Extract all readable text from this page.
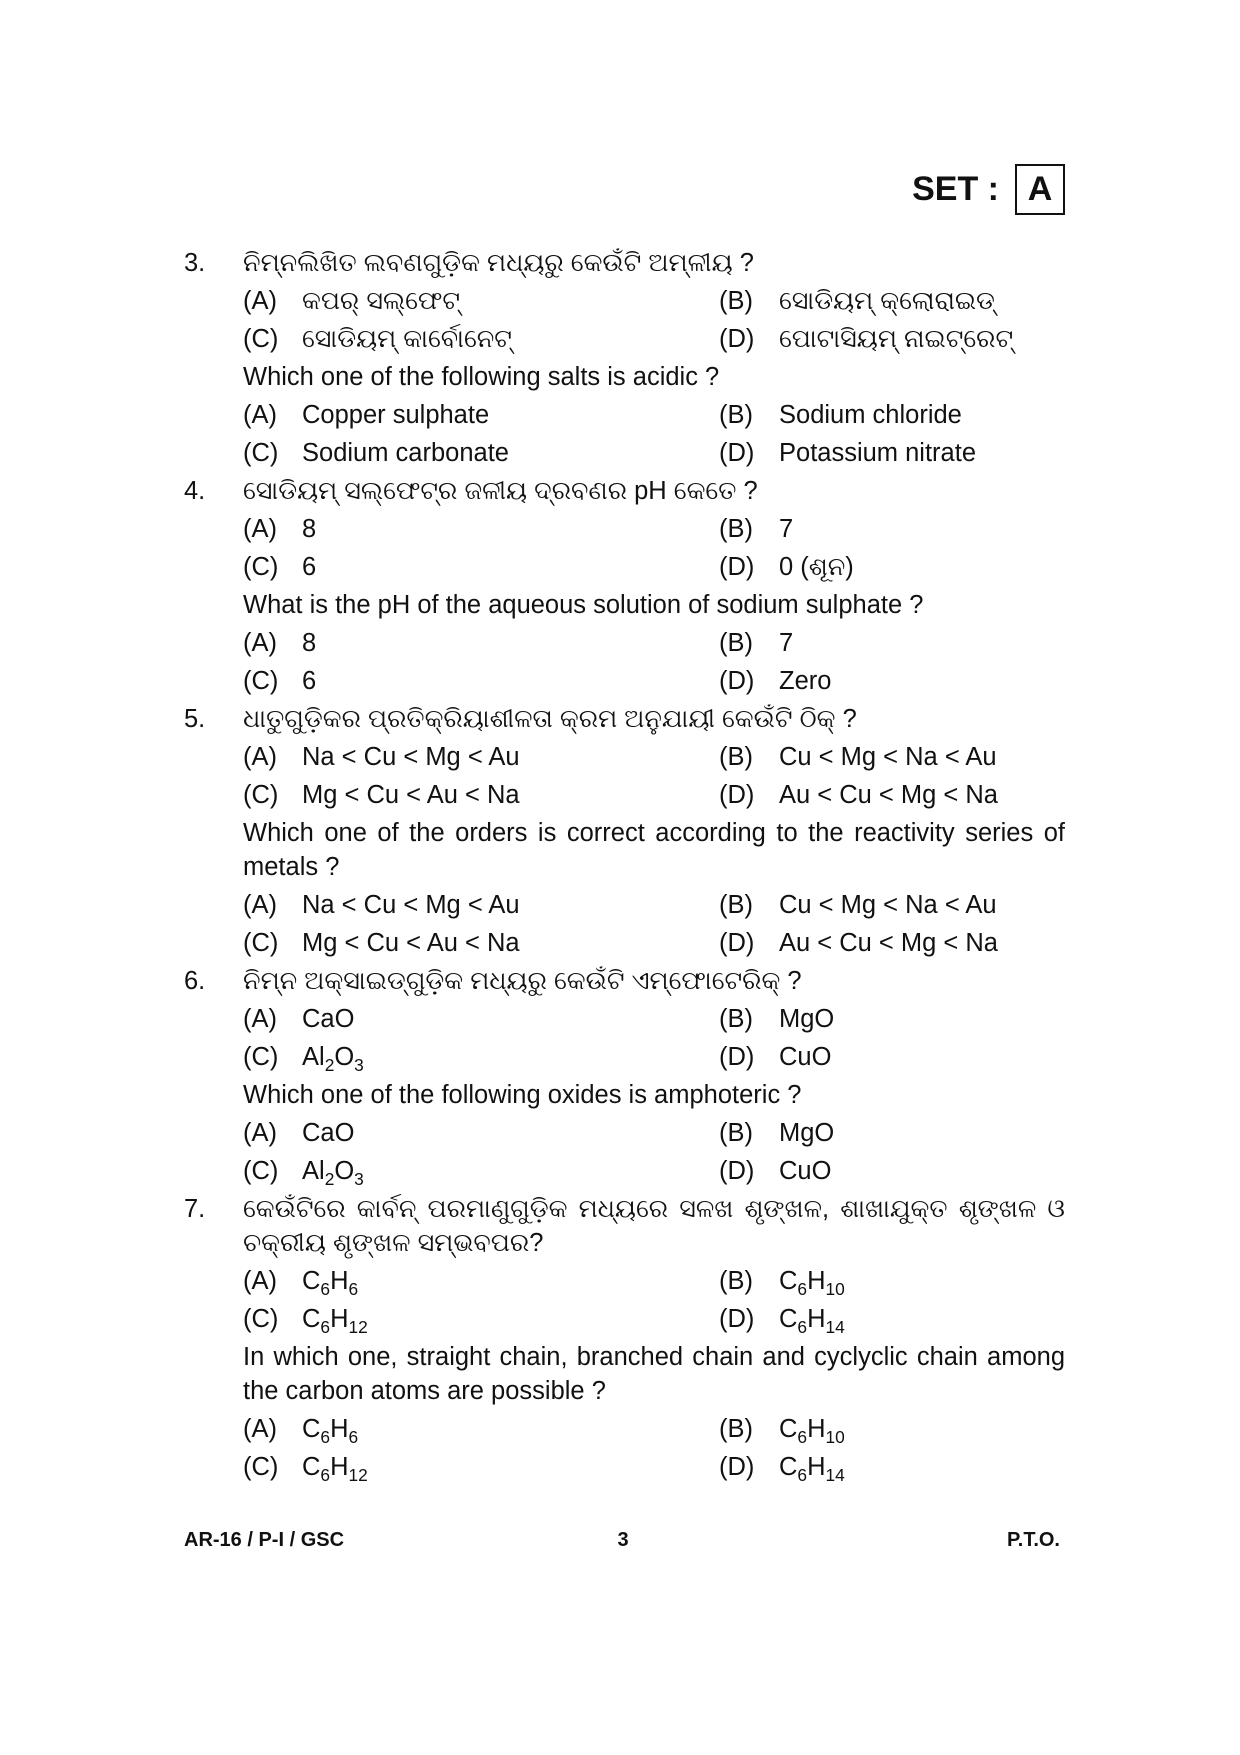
SET : A
3. ନିମ୍ନଲିଖିତ ଲବଣଗୁଡ଼ିକ ମଧ୍ୟରୁ କେଉଁଟି ଅମ୍ଳୀୟ ?
(A) କପର୍ ସଲ୍ଫେଟ୍	(B)	ସୋଡିୟମ୍ କ୍ଲୋରାଇଡ୍
(C) ସୋଡିୟମ୍ କାର୍ବୋନେଟ୍	(D) ପୋଟାସିୟମ୍ ନାଇଟ୍ରେଟ୍
Which one of the following salts is acidic ?
(A) Copper sulphate	(B)	Sodium chloride
(C) Sodium carbonate	(D) Potassium nitrate
4. ସୋଡିୟମ୍ ସଲ୍ଫେଟ୍‌ର ଜଳୀୟ ଦ୍ରବଣର pH କେତେ ?
(A) 8	(B)	7
(C) 6	(D) 0 (ଶୂନ)
What is the pH of the aqueous solution of sodium sulphate ?
(A) 8	(B)	7
(C) 6	(D) Zero
5. ଧାତୁଗୁଡ଼ିକର ପ୍ରତିକ୍ରିୟାଶୀଳତା କ୍ରମ ଅନୁଯାୟୀ କେଉଁଟି ଠିକ୍ ?
(A) Na < Cu < Mg < Au	(B)	Cu < Mg < Na < Au
(C) Mg < Cu < Au < Na	(D) Au < Cu < Mg < Na
Which one of the orders is correct according to the reactivity series of metals ?
(A) Na < Cu < Mg < Au	(B)	Cu < Mg < Na < Au
(C) Mg < Cu < Au < Na	(D) Au < Cu < Mg < Na
6. ନିମ୍ନ ଅକ୍ସାଇଡ୍‌ଗୁଡ଼ିକ ମଧ୍ୟରୁ କେଉଁଟି ଏମ୍ଫୋଟେରିକ୍ ?
(A) CaO	(B)	MgO
(C) $Al_2O_3$	(D) CuO
Which one of the following oxides is amphoteric ?
(A) CaO	(B)	MgO
(C) $Al_2O_3$	(D) CuO
7. କେଉଁଟିରେ କାର୍ବନ୍ ପରମାଣୁଗୁଡ଼ିକ ମଧ୍ୟରେ ସଳଖ ଶୃଙ୍ଖଳ, ଶାଖାଯୁକ୍ତ ଶୃଙ୍ଖଳ ଓ ଚକ୍ରୀୟ ଶୃଙ୍ଖଳ ସମ୍ଭବପର?
(A) $C_6H_6$	(B)	$C_6H_{10}$
(C) $C_6H_{12}$	(D) $C_6H_{14}$
In which one, straight chain, branched chain and cyclyclic chain among the carbon atoms are possible ?
(A) $C_6H_6$	(B)	$C_6H_{10}$
(C) $C_6H_{12}$	(D) $C_6H_{14}$
AR-16 / P-I / GSC	3	P.T.O.
